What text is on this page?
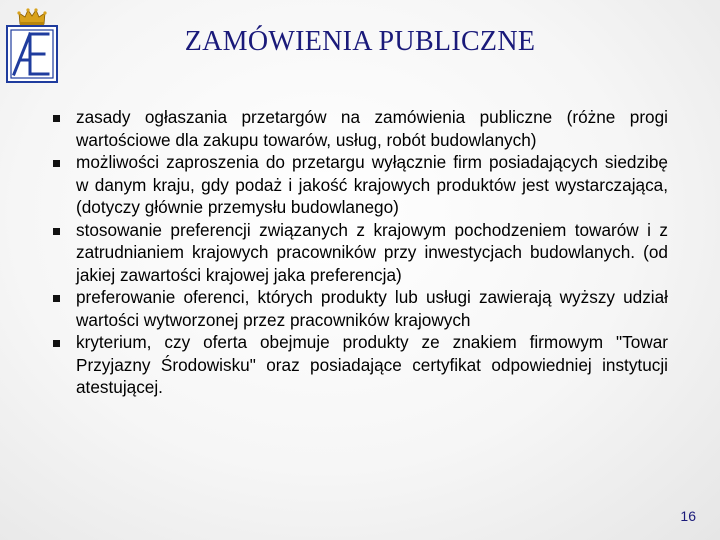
ZAMÓWIENIA PUBLICZNE
zasady ogłaszania przetargów na zamówienia publiczne (różne progi wartościowe dla zakupu towarów, usług, robót budowlanych)
możliwości zaproszenia do przetargu wyłącznie firm posiadających siedzibę w danym kraju, gdy podaż i jakość krajowych produktów jest wystarczająca, (dotyczy głównie przemysłu budowlanego)
stosowanie preferencji związanych z krajowym pochodzeniem towarów i z zatrudnianiem krajowych pracowników przy inwestycjach budowlanych. (od jakiej zawartości krajowej jaka preferencja)
preferowanie oferenci, których produkty lub usługi zawierają wyższy udział wartości wytworzonej przez pracowników krajowych
kryterium, czy oferta obejmuje produkty ze znakiem firmowym "Towar Przyjazny Środowisku" oraz posiadające certyfikat odpowiedniej instytucji atestującej.
16
